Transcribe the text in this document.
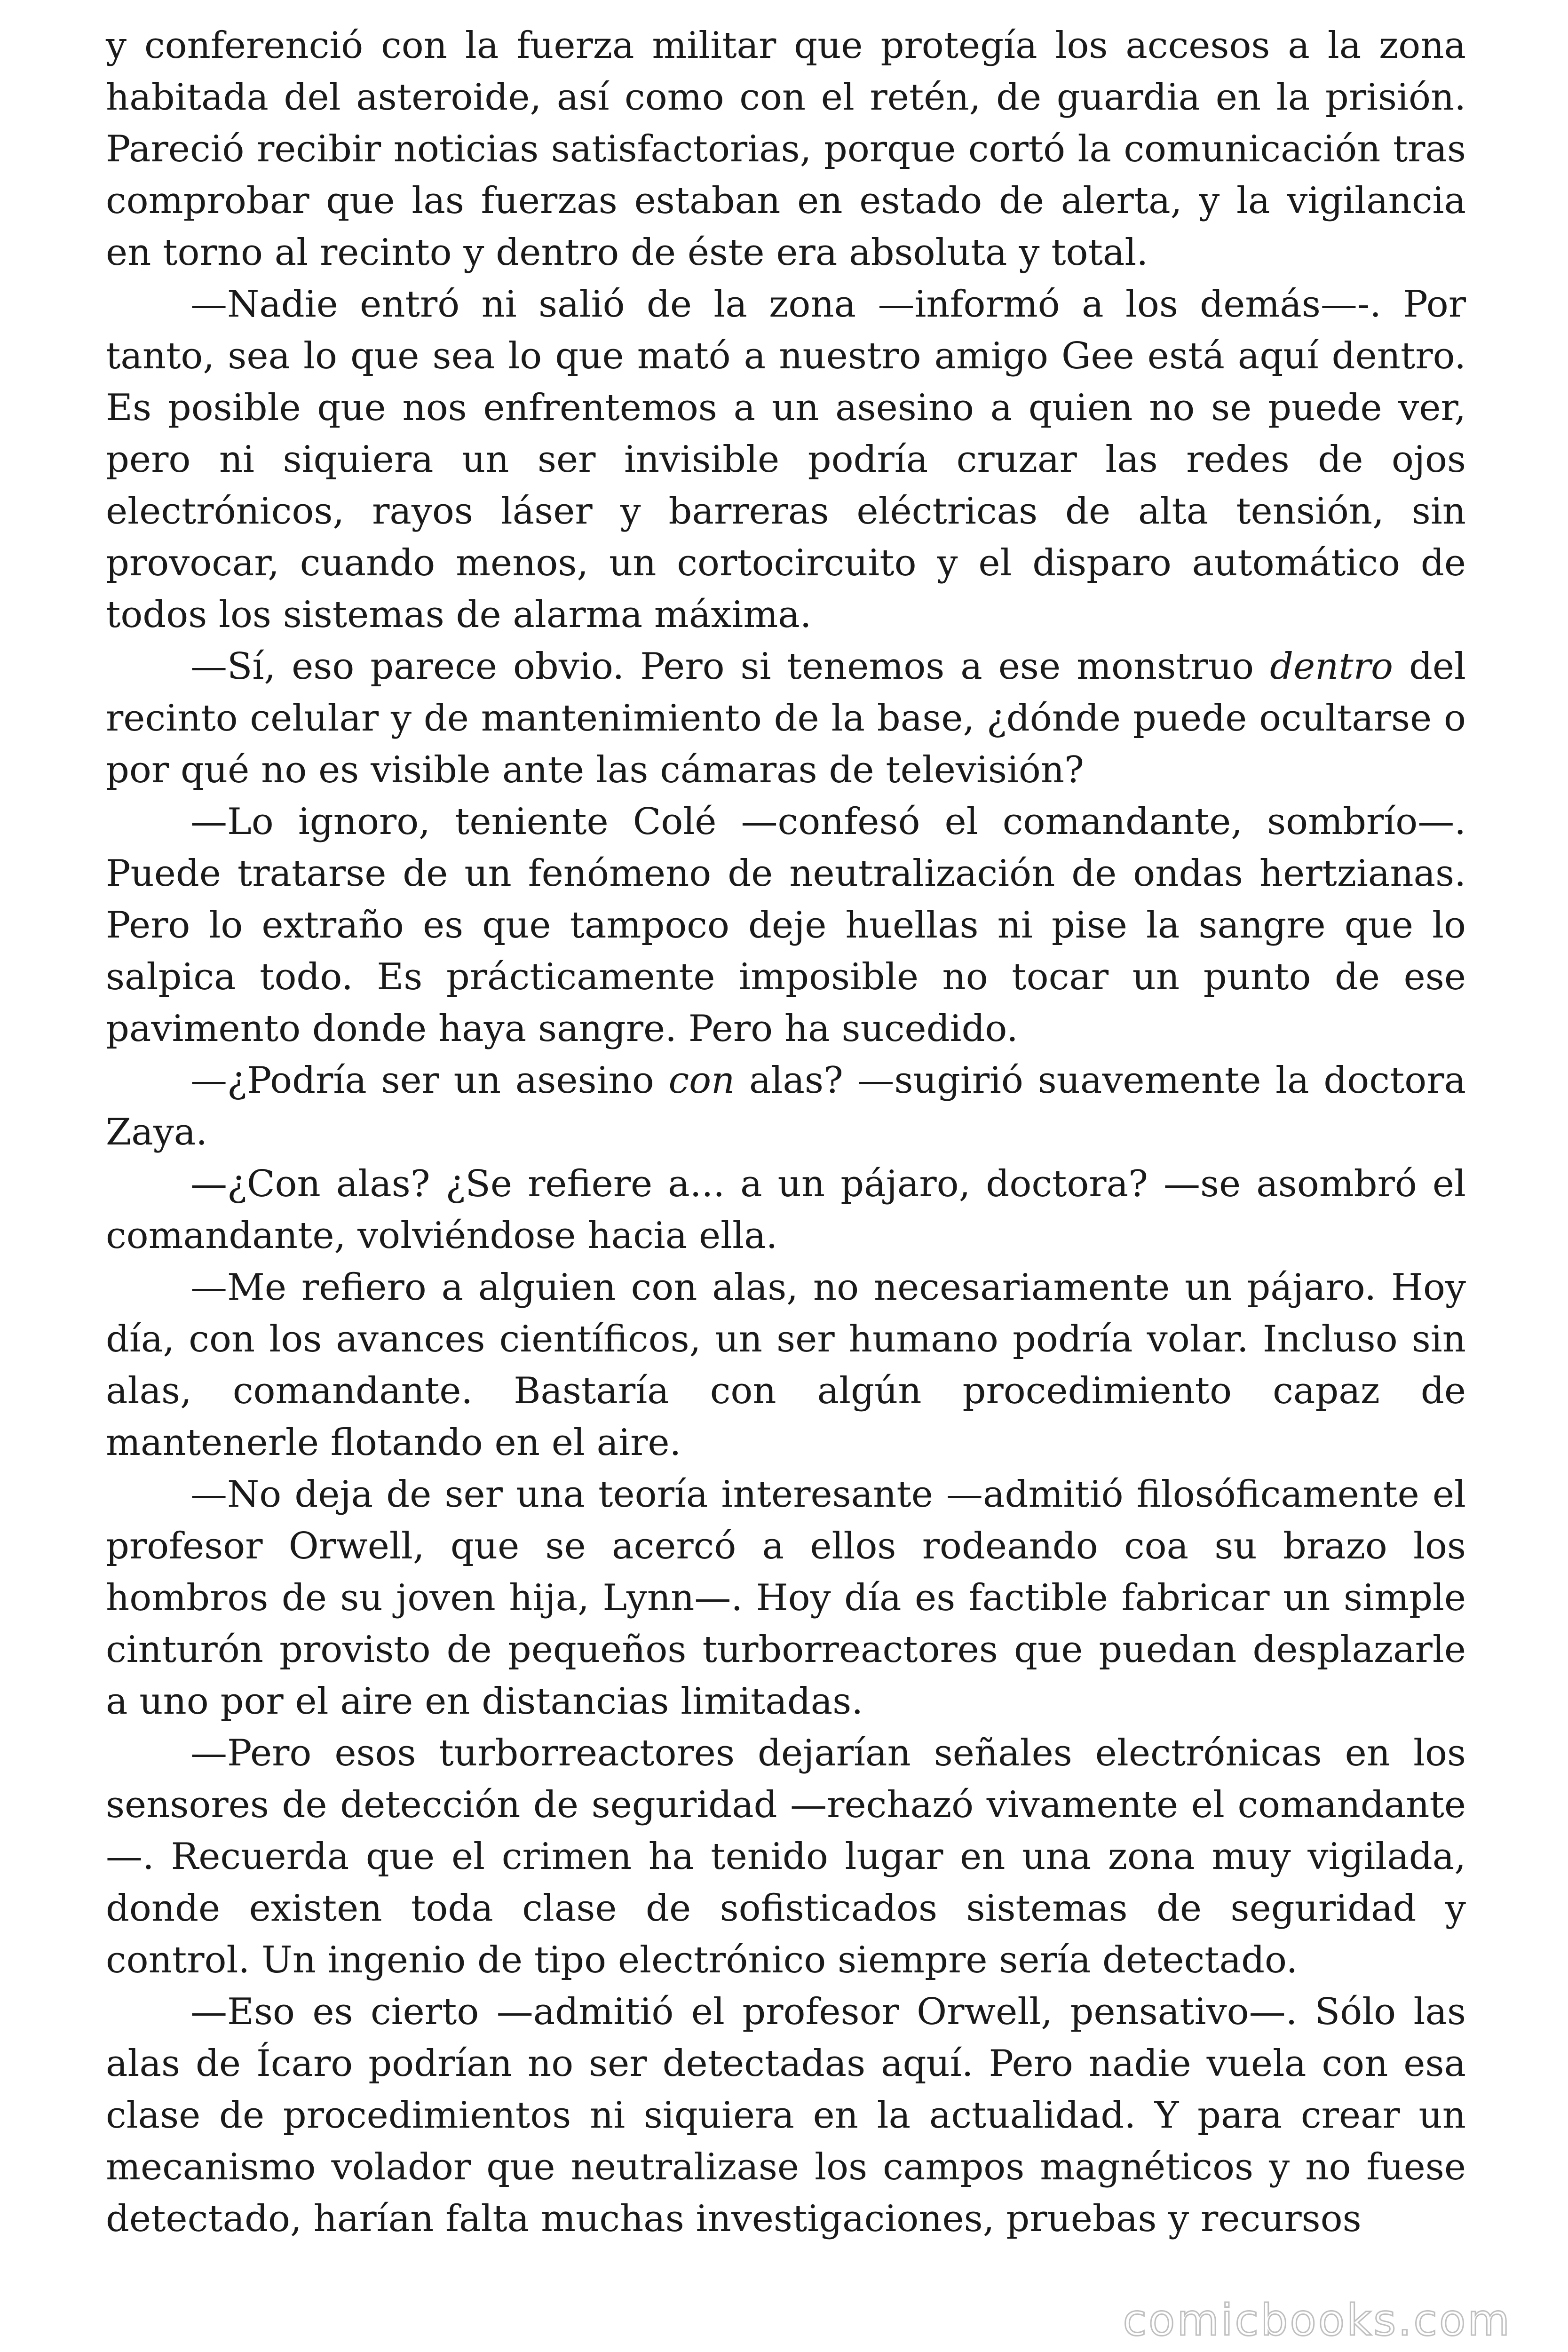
y conferenció con la fuerza militar que protegía los accesos a la zona habitada del asteroide, así como con el retén, de guardia en la prisión. Pareció recibir noticias satisfactorias, porque cortó la comunicación tras comprobar que las fuerzas estaban en estado de alerta, y la vigilancia en torno al recinto y dentro de éste era absoluta y total.

—Nadie entró ni salió de la zona —informó a los demás—-. Por tanto, sea lo que sea lo que mató a nuestro amigo Gee está aquí dentro. Es posible que nos enfrentemos a un asesino a quien no se puede ver, pero ni siquiera un ser invisible podría cruzar las redes de ojos electrónicos, rayos láser y barreras eléctricas de alta tensión, sin provocar, cuando menos, un cortocircuito y el disparo automático de todos los sistemas de alarma máxima.

—Sí, eso parece obvio. Pero si tenemos a ese monstruo dentro del recinto celular y de mantenimiento de la base, ¿dónde puede ocultarse o por qué no es visible ante las cámaras de televisión?

—Lo ignoro, teniente Colé —confesó el comandante, sombrío—. Puede tratarse de un fenómeno de neutralización de ondas hertzianas. Pero lo extraño es que tampoco deje huellas ni pise la sangre que lo salpica todo. Es prácticamente imposible no tocar un punto de ese pavimento donde haya sangre. Pero ha sucedido.

—¿Podría ser un asesino con alas? —sugirió suavemente la doctora Zaya.

—¿Con alas? ¿Se refiere a... a un pájaro, doctora? —se asombró el comandante, volviéndose hacia ella.

—Me refiero a alguien con alas, no necesariamente un pájaro. Hoy día, con los avances científicos, un ser humano podría volar. Incluso sin alas, comandante. Bastaría con algún procedimiento capaz de mantenerle flotando en el aire.

—No deja de ser una teoría interesante —admitió filosóficamente el profesor Orwell, que se acercó a ellos rodeando coa su brazo los hombros de su joven hija, Lynn—. Hoy día es factible fabricar un simple cinturón provisto de pequeños turborreactores que puedan desplazarle a uno por el aire en distancias limitadas.

—Pero esos turborreactores dejarían señales electrónicas en los sensores de detección de seguridad —rechazó vivamente el comandante—. Recuerda que el crimen ha tenido lugar en una zona muy vigilada, donde existen toda clase de sofisticados sistemas de seguridad y control. Un ingenio de tipo electrónico siempre sería detectado.

—Eso es cierto —admitió el profesor Orwell, pensativo—. Sólo las alas de Ícaro podrían no ser detectadas aquí. Pero nadie vuela con esa clase de procedimientos ni siquiera en la actualidad. Y para crear un mecanismo volador que neutralizase los campos magnéticos y no fuese detectado, harían falta muchas investigaciones, pruebas y recursos

comicbooks.com
